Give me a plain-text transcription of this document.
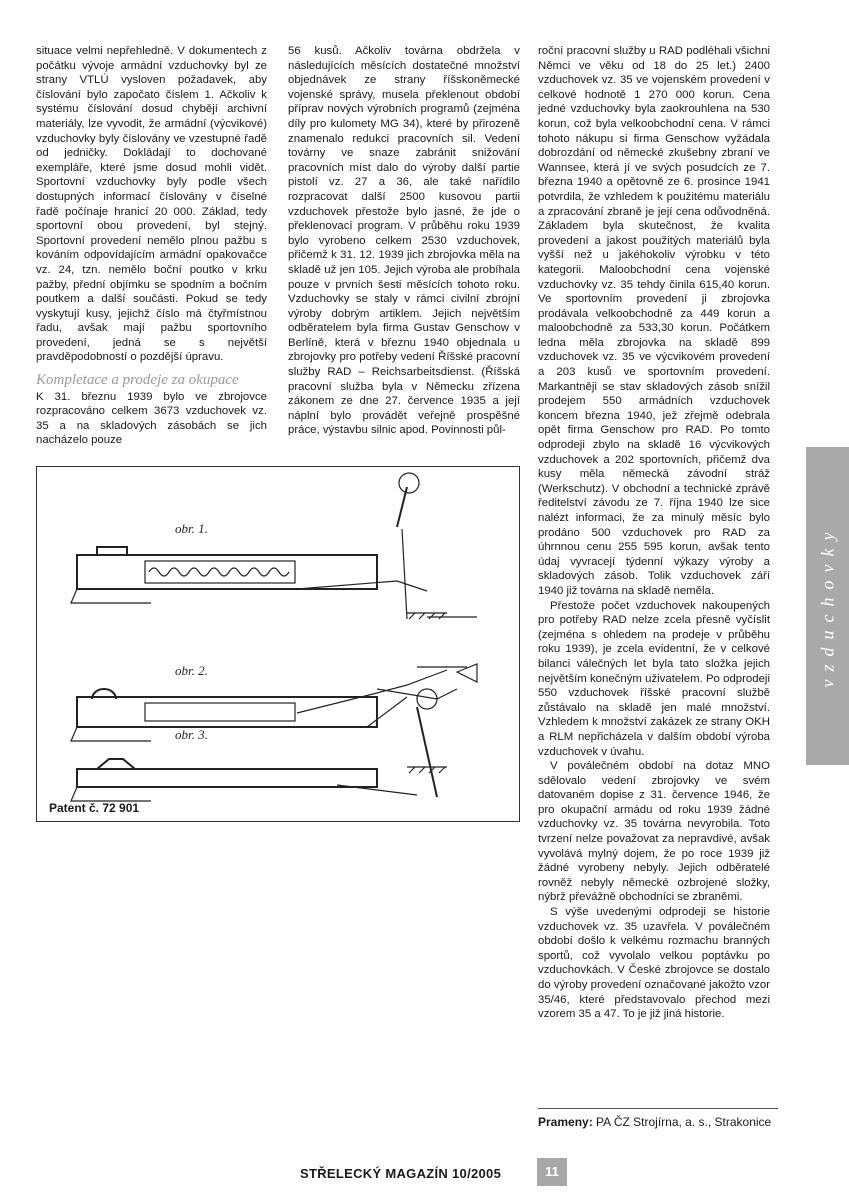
situace velmi nepřehledně. V dokumentech z počátku vývoje armádní vzduchovky byl ze strany VTLÚ vysloven požadavek, aby číslování bylo započato číslem 1. Ačkoliv k systému číslování dosud chybějí archivní materiály, lze vyvodit, že armádní (výcvikové) vzduchovky byly číslovány ve vzestupné řadě od jedničky. Dokládají to dochované exempláře, které jsme dosud mohli vidět. Sportovní vzduchovky byly podle všech dostupných informací číslovány v číselné řadě počínaje hranicí 20 000. Základ, tedy sportovní obou provedení, byl stejný. Sportovní provedení nemělo plnou pažbu s kováním odpovídajícím armádní opakovačce vz. 24, tzn. nemělo boční poutko v krku pažby, přední objímku se spodním a bočním poutkem a další součásti. Pokud se tedy vyskytují kusy, jejichž číslo má čtyřmístnou řadu, avšak mají pažbu sportovního provedení, jedná se s největší pravděpodobností o pozdější úpravu.

Kompletace a prodeje za okupace

K 31. březnu 1939 bylo ve zbrojovce rozpracováno celkem 3673 vzduchovek vz. 35 a na skladových zásobách se jich nacházelo pouze

56 kusů. Ačkoliv továrna obdržela v následujících měsících dostatečné množství objednávek ze strany říšskoněmecké vojenské správy, musela překlenout období příprav nových výrobních programů (zejména díly pro kulomety MG 34), které by přirozeně znamenalo redukci pracovních sil. Vedení továrny ve snaze zabránit snižování pracovních míst dalo do výroby další partie pistolí vz. 27 a 36, ale také nařídilo rozpracovat další 2500 kusovou partii vzduchovek přestože bylo jasné, že jde o překlenovací program. V průběhu roku 1939 bylo vyrobeno celkem 2530 vzduchovek, přičemž k 31. 12. 1939 jich zbrojovka měla na skladě už jen 105. Jejich výroba ale probíhala pouze v prvních šesti měsících tohoto roku. Vzduchovky se staly v rámci civilní zbrojní výroby dobrým artiklem. Jejich největším odběratelem byla firma Gustav Genschow v Berlíně, která v březnu 1940 objednala u zbrojovky pro potřeby vedení Říšské pracovní služby RAD – Reichsarbeitsdienst. (Říšská pracovní služba byla v Německu zřízena zákonem ze dne 27. července 1935 a její náplní bylo provádět veřejně prospěšné práce, výstavbu silnic apod. Povinnosti půl-

roční pracovní služby u RAD podléhali všichni Němci ve věku od 18 do 25 let.) 2400 vzduchovek vz. 35 ve vojenském provedení v celkové hodnotě 1 270 000 korun. Cena jedné vzduchovky byla zaokrouhlena na 530 korun, což byla velkoobchodní cena. V rámci tohoto nákupu si firma Genschow vyžádala dobrozdání od německé zkušebny zbraní ve Wannsee, která jí ve svých posudcích ze 7. března 1940 a opětovně ze 6. prosince 1941 potvrdila, že vzhledem k použitému materiálu a zpracování zbraně je její cena odůvodněná. Základem byla skutečnost, že kvalita provedení a jakost použitých materiálů byla vyšší než u jakéhokoliv výrobku v této kategorii. Maloobchodní cena vojenské vzduchovky vz. 35 tehdy činila 615,40 korun. Ve sportovním provedení ji zbrojovka prodávala velkoobchodně za 449 korun a maloobchodně za 533,30 korun. Počátkem ledna měla zbrojovka na skladě 899 vzduchovek vz. 35 ve výcvikovém provedení a 203 kusů ve sportovním provedení. Markantněji se stav skladových zásob snížil prodejem 550 armádních vzduchovek koncem března 1940, jež zřejmě odebrala opět firma Genschow pro RAD. Po tomto odprodeji zbylo na skladě 16 výcvikových vzduchovek a 202 sportovních, přičemž dva kusy měla německá závodní stráž (Werkschutz). V obchodní a technické zprávě ředitelství závodu ze 7. října 1940 lze sice nalézt informaci, že za minulý měsíc bylo prodáno 500 vzduchovek pro RAD za úhrnnou cenu 255 595 korun, avšak tento údaj vyvracejí týdenní výkazy výroby a skladových zásob. Tolik vzduchovek září 1940 již továrna na skladě neměla.

Přestože počet vzduchovek nakoupených pro potřeby RAD nelze zcela přesně vyčíslit (zejména s ohledem na prodeje v průběhu roku 1939), je zcela evidentní, že v celkové bilanci válečných let byla tato složka jejich největším konečným uživatelem. Po odprodeji 550 vzduchovek říšské pracovní službě zůstávalo na skladě jen malé množství. Vzhledem k množství zakázek ze strany OKH a RLM nepřicházela v dalším období výroba vzduchovek v úvahu.

V poválečném období na dotaz MNO sdělovalo vedení zbrojovky ve svém datovaném dopise z 31. července 1946, že pro okupační armádu od roku 1939 žádné vzduchovky vz. 35 továrna nevyrobila. Toto tvrzení nelze považovat za nepravdivé, avšak vyvolává mylný dojem, že po roce 1939 již žádné vyrobeny nebyly. Jejich odběratelé rovněž nebyly německé ozbrojené složky, nýbrž převážně obchodníci se zbraněmi.

S výše uvedenými odprodeji se historie vzduchovek vz. 35 uzavřela. V poválečném období došlo k velkému rozmachu branných sportů, což vyvolalo velkou poptávku po vzduchovkách. V České zbrojovce se dostalo do výroby provedení označované jakožto vzor 35/46, které představovalo přechod mezi vzorem 35 a 47. To je již jiná historie.

obr. 1.
obr. 2.
obr. 3.
Patent č. 72 901
Prameny: PA ČZ Strojírna, a. s., Strakonice
STŘELECKÝ MAGAZÍN 10/2005	11
vzduchovky
